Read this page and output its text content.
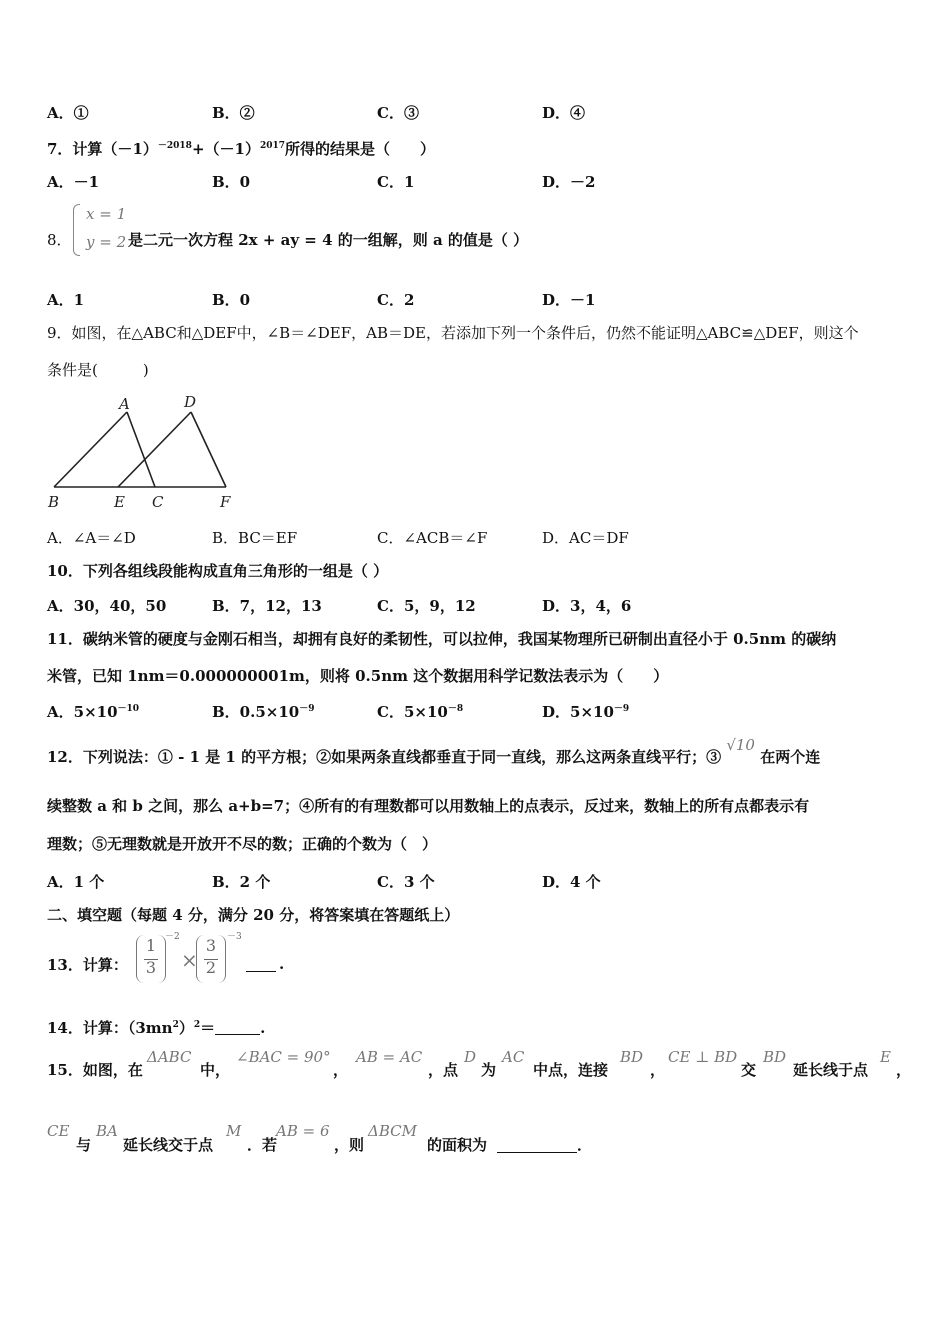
A．①	B．②	C．③	D．④
7．计算$(-1)^{-2018}+(-1)^{2017}$所得的结果是（　　）
A．－1	B．0	C．1	D．－2
8．
x = 1
y = 2 是二元一次方程 2x + ay = 4 的一组解，则 a 的值是（ ）
A．1	B．0	C．2	D．－1
9．如图，在△ABC和△DEF中，∠B＝∠DEF，AB＝DE，若添加下列一个条件后，仍然不能证明△ABC≌△DEF，则这个
条件是(　　　)
A	D
B	E C	F
A．∠A＝∠D	B．BC＝EF	C．∠ACB＝∠F	D．AC＝DF
10．下列各组线段能构成直角三角形的一组是（ ）
A．30，40，50	B．7，12，13	C．5，9，12	D．3，4，6
11．碳纳米管的硬度与金刚石相当，却拥有良好的柔韧性，可以拉伸，我国某物理所已研制出直径小于 0.5nm 的碳纳
米管，已知 1nm＝0.000000001m，则将 0.5nm 这个数据用科学记数法表示为（　　）
A．$5\times 10^{-10}$	B．$0.5\times 10^{-9}$	C．$5\times 10^{-8}$	D．$5\times 10^{-9}$
12．下列说法：① - 1 是 1 的平方根；②如果两条直线都垂直于同一直线，那么这两条直线平行；③ √10 在两个连
续整数 a 和 b 之间，那么 a+b=7；④所有的有理数都可以用数轴上的点表示，反过来，数轴上的所有点都表示有
理数；⑤无理数就是开放开不尽的数；正确的个数为（　）
A．1 个	B．2 个	C．3 个	D．4 个
二、填空题（每题 4 分，满分 20 分，将答案填在答题纸上）
13．计算：
1
3
－2
×
3
2
－3
.
14．计算：$(3mn^2)^2=$	.
15．如图，在
ΔABC
中，
∠BAC = 90°
，
AB = AC
，点
D
为
AC
中点，连接
BD
，
CE ⊥ BD
交
BD
延长线于点
E
，
CE
与
BA
延长线交于点
M
．若
AB = 6
，则
ΔBCM
的面积为	．
